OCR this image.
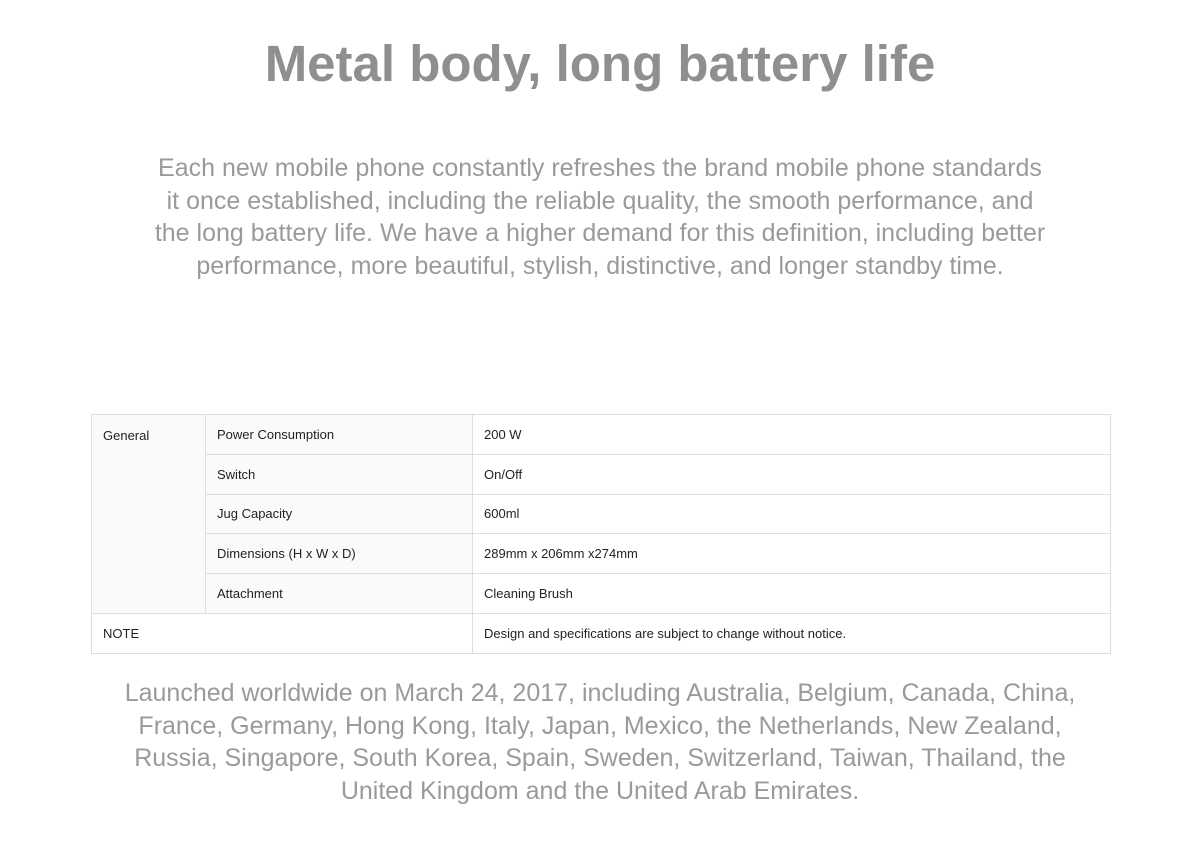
Metal body, long battery life

Each new mobile phone constantly refreshes the brand mobile phone standards it once established, including the reliable quality, the smooth performance, and the long battery life. We have a higher demand for this definition, including better performance, more beautiful, stylish, distinctive, and longer standby time.

General	Power Consumption	200 W
	Switch	On/Off
	Jug Capacity	600ml
	Dimensions (H x W x D)	289mm x 206mm x274mm
	Attachment	Cleaning Brush
NOTE		Design and specifications are subject to change without notice.

Launched worldwide on March 24, 2017, including Australia, Belgium, Canada, China, France, Germany, Hong Kong, Italy, Japan, Mexico, the Netherlands, New Zealand, Russia, Singapore, South Korea, Spain, Sweden, Switzerland, Taiwan, Thailand, the United Kingdom and the United Arab Emirates.
